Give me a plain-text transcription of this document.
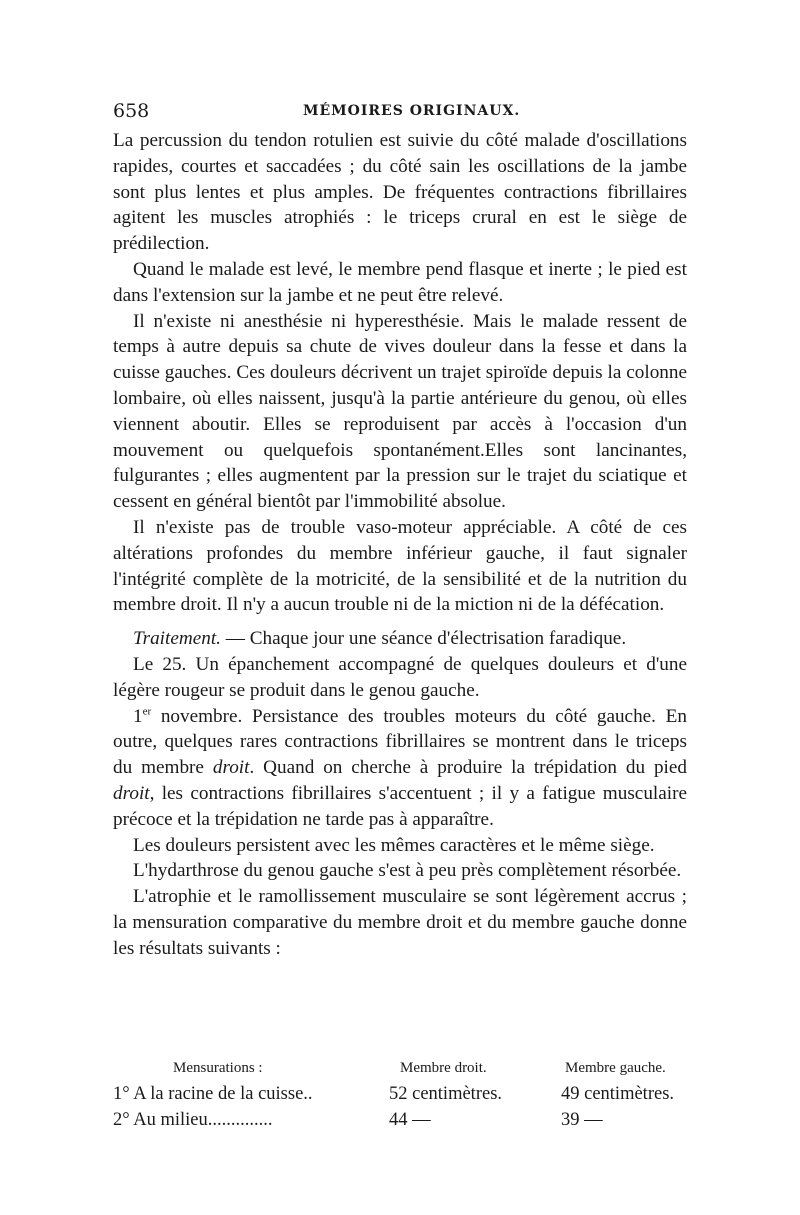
658	MÉMOIRES ORIGINAUX.

La percussion du tendon rotulien est suivie du côté malade d'oscillations rapides, courtes et saccadées ; du côté sain les oscillations de la jambe sont plus lentes et plus amples. De fréquentes contractions fibrillaires agitent les muscles atrophiés : le triceps crural en est le siège de prédilection.

Quand le malade est levé, le membre pend flasque et inerte ; le pied est dans l'extension sur la jambe et ne peut être relevé.

Il n'existe ni anesthésie ni hyperesthésie. Mais le malade ressent de temps à autre depuis sa chute de vives douleur dans la fesse et dans la cuisse gauches. Ces douleurs décrivent un trajet spiroïde depuis la colonne lombaire, où elles naissent, jusqu'à la partie antérieure du genou, où elles viennent aboutir. Elles se reproduisent par accès à l'occasion d'un mouvement ou quelquefois spontanément.Elles sont lancinantes, fulgurantes ; elles augmentent par la pression sur le trajet du sciatique et cessent en général bientôt par l'immobilité absolue.

Il n'existe pas de trouble vaso-moteur appréciable. A côté de ces altérations profondes du membre inférieur gauche, il faut signaler l'intégrité complète de la motricité, de la sensibilité et de la nutrition du membre droit. Il n'y a aucun trouble ni de la miction ni de la défécation.

Traitement. — Chaque jour une séance d'électrisation faradique.

Le 25. Un épanchement accompagné de quelques douleurs et d'une légère rougeur se produit dans le genou gauche.

1er novembre. Persistance des troubles moteurs du côté gauche. En outre, quelques rares contractions fibrillaires se montrent dans le triceps du membre droit. Quand on cherche à produire la trépidation du pied droit, les contractions fibrillaires s'accentuent ; il y a fatigue musculaire précoce et la trépidation ne tarde pas à apparaître.

Les douleurs persistent avec les mêmes caractères et le même siège.

L'hydarthrose du genou gauche s'est à peu près complètement résorbée.

L'atrophie et le ramollissement musculaire se sont légèrement accrus ; la mensuration comparative du membre droit et du membre gauche donne les résultats suivants :

Mensurations :	Membre droit.	Membre gauche.
1° A la racine de la cuisse..	52 centimètres.	49 centimètres.
2° Au milieu..............	44 —	39 —
